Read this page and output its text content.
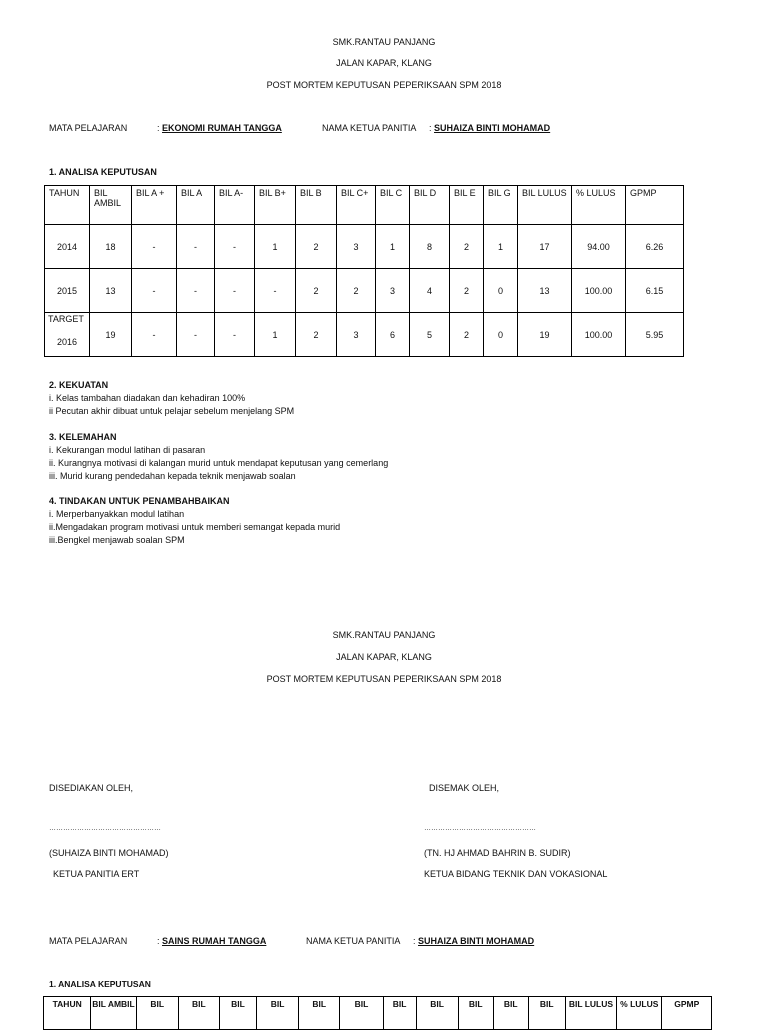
SMK.RANTAU PANJANG
JALAN KAPAR, KLANG
POST MORTEM KEPUTUSAN PEPERIKSAAN SPM 2018
MATA PELAJARAN	: EKONOMI RUMAH TANGGA	NAMA KETUA PANITIA : SUHAIZA BINTI MOHAMAD
1. ANALISA KEPUTUSAN
TAHUN	BIL AMBIL	BIL A +	BIL A	BIL A-	BIL B+	BIL B	BIL C+	BIL C	BIL D	BIL E	BIL G	BIL LULUS	% LULUS	GPMP
2014	18	-	-	-	1	2	3	1	8	2	1	17	94.00	6.26
2015	13	-	-	-	-	2	2	3	4	2	0	13	100.00	6.15

TARGET
2016	19	-	-	-	1	2	3	6	5	2	0	19	100.00	5.95
2. KEKUATAN
i. Kelas tambahan diadakan dan kehadiran 100%
ii Pecutan akhir dibuat untuk pelajar sebelum menjelang SPM
3. KELEMAHAN
i. Kekurangan modul latihan di pasaran
ii. Kurangnya motivasi di kalangan murid untuk mendapat keputusan yang cemerlang
iii. Murid kurang pendedahan kepada teknik menjawab soalan
4. TINDAKAN UNTUK PENAMBAHBAIKAN
i. Merperbanyakkan modul latihan
ii.Mengadakan program motivasi untuk memberi semangat kepada murid
iii.Bengkel menjawab soalan SPM
SMK.RANTAU PANJANG
JALAN KAPAR, KLANG
POST MORTEM KEPUTUSAN PEPERIKSAAN SPM 2018
DISEDIAKAN OLEH,	DISEMAK OLEH,
…………………………………………	…………………………………………
(SUHAIZA BINTI MOHAMAD)	(TN. HJ AHMAD BAHRIN B. SUDIR)
KETUA PANITIA ERT	KETUA BIDANG TEKNIK DAN VOKASIONAL
MATA PELAJARAN	: SAINS RUMAH TANGGA	NAMA KETUA PANITIA : SUHAIZA BINTI MOHAMAD
1. ANALISA KEPUTUSAN
TAHUN	BIL AMBIL	BIL	BIL	BIL	BIL	BIL	BIL	BIL	BIL	BIL	BIL	BIL	BIL LULUS	% LULUS	GPMP
